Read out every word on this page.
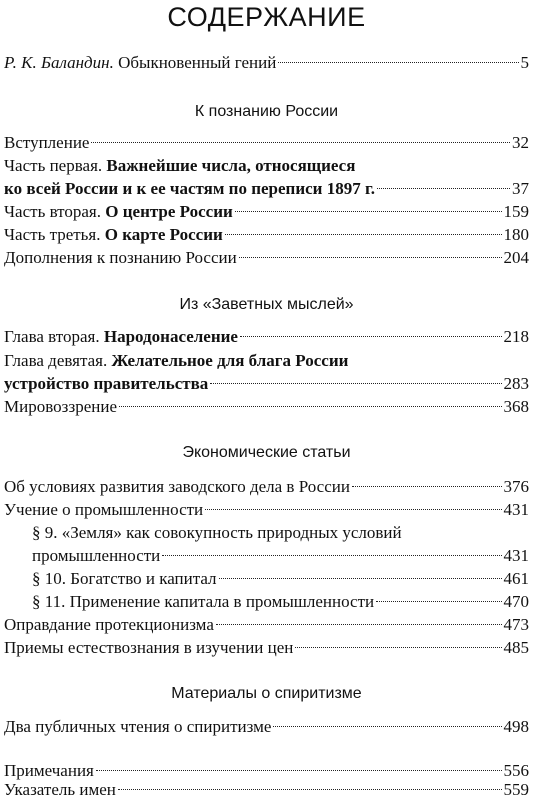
СОДЕРЖАНИЕ
Р. К. Баландин. Обыкновенный гений	5
К познанию России
Вступление	32
Часть первая. Важнейшие числа, относящиеся
ко всей России и к ее частям по переписи 1897 г.	37
Часть вторая. О центре России	159
Часть третья. О карте России	180
Дополнения к познанию России	204
Из «Заветных мыслей»
Глава вторая. Народонаселение	218
Глава девятая. Желательное для блага России
устройство правительства	283
Мировоззрение	368
Экономические статьи
Об условиях развития заводского дела в России	376
Учение о промышленности	431
§ 9. «Земля» как совокупность природных условий
промышленности	431
§ 10. Богатство и капитал	461
§ 11. Применение капитала в промышленности	470
Оправдание протекционизма	473
Приемы естествознания в изучении цен	485
Материалы о спиритизме
Два публичных чтения о спиритизме	498
Примечания	556
Указатель имен	559
